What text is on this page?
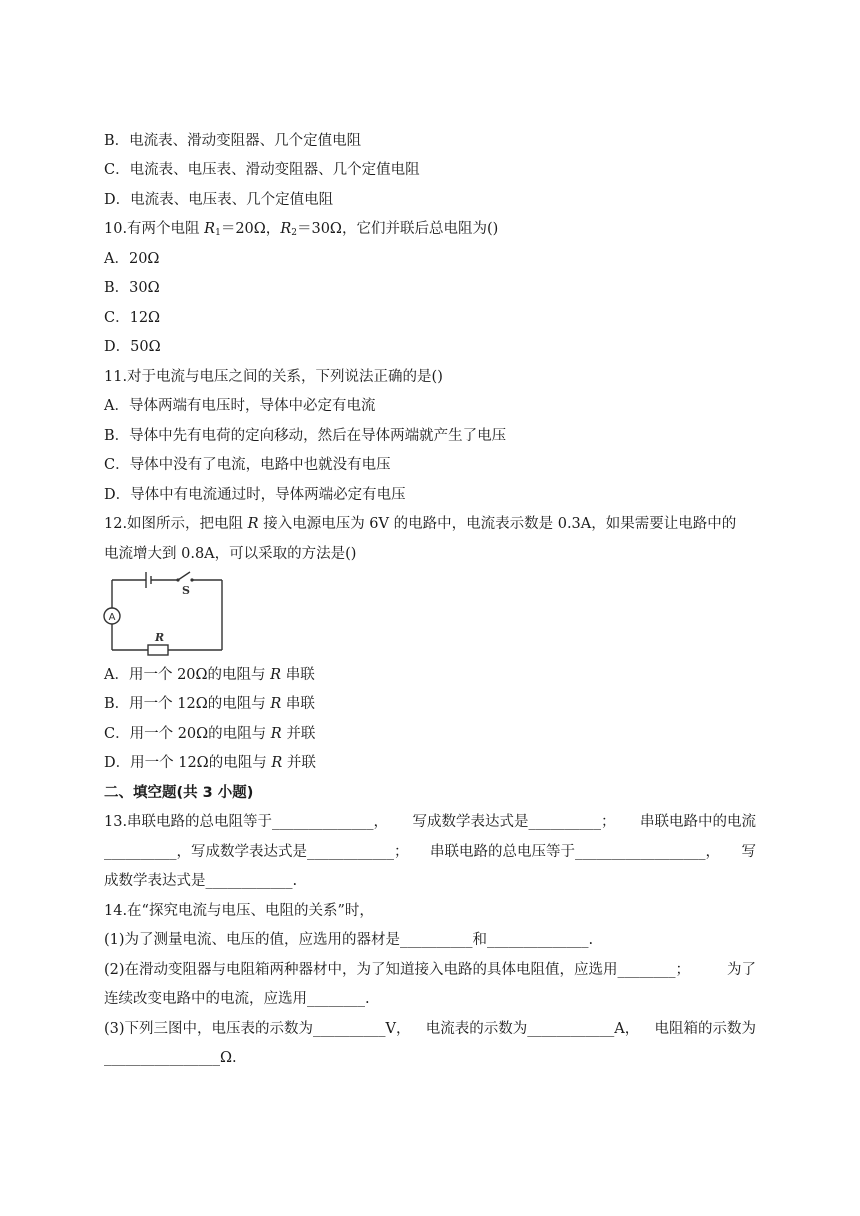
B．电流表、滑动变阻器、几个定值电阻
C．电流表、电压表、滑动变阻器、几个定值电阻
D．电流表、电压表、几个定值电阻
10.有两个电阻 $R_1=20\Omega$，$R_2=30\Omega$，它们并联后总电阻为()
A．20Ω
B．30Ω
C．12Ω
D．50Ω
11.对于电流与电压之间的关系，下列说法正确的是()
A．导体两端有电压时，导体中必定有电流
B．导体中先有电荷的定向移动，然后在导体两端就产生了电压
C．导体中没有了电流，电路中也就没有电压
D．导体中有电流通过时，导体两端必定有电压
12.如图所示，把电阻 R 接入电源电压为 6V 的电路中，电流表示数是 0.3A，如果需要让电路中的
电流增大到 0.8A，可以采取的方法是()
A
S
R
A．用一个 20Ω的电阻与 R 串联
B．用一个 12Ω的电阻与 R 串联
C．用一个 20Ω的电阻与 R 并联
D．用一个 12Ω的电阻与 R 并联
二、填空题(共 3 小题)
13.串联电路的总电阻等于______________， 写成数学表达式是__________； 串联电路中的电流
__________，写成数学表达式是____________； 串联电路的总电压等于__________________， 写
成数学表达式是____________.
14.在“探究电流与电压、电阻的关系”时，
(1)为了测量电流、电压的值，应选用的器材是__________和______________.
(2)在滑动变阻器与电阻箱两种器材中，为了知道接入电路的具体电阻值，应选用________；	为了
连续改变电路中的电流，应选用________.
(3)下列三图中，电压表的示数为__________V， 电流表的示数为____________A， 电阻箱的示数为
________________Ω.
